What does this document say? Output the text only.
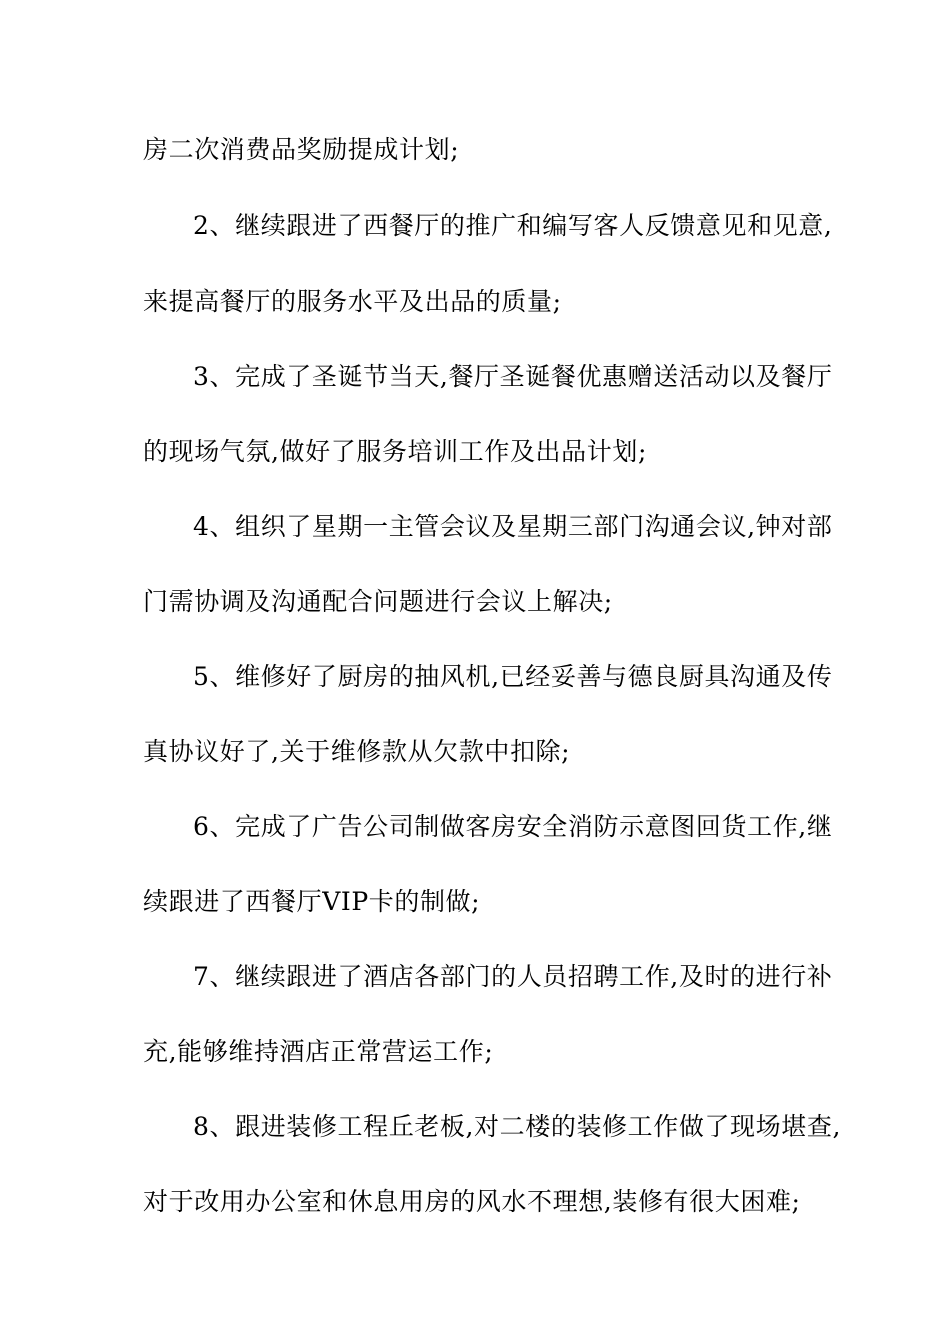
房二次消费品奖励提成计划;
2、继续跟进了西餐厅的推广和编写客人反馈意见和见意,
来提高餐厅的服务水平及出品的质量;
3、完成了圣诞节当天,餐厅圣诞餐优惠赠送活动以及餐厅
的现场气氛,做好了服务培训工作及出品计划;
4、组织了星期一主管会议及星期三部门沟通会议,钟对部
门需协调及沟通配合问题进行会议上解决;
5、维修好了厨房的抽风机,已经妥善与德良厨具沟通及传
真协议好了,关于维修款从欠款中扣除;
6、完成了广告公司制做客房安全消防示意图回货工作,继
续跟进了西餐厅VIP卡的制做;
7、继续跟进了酒店各部门的人员招聘工作,及时的进行补
充,能够维持酒店正常营运工作;
8、跟进装修工程丘老板,对二楼的装修工作做了现场堪查,
对于改用办公室和休息用房的风水不理想,装修有很大困难;
